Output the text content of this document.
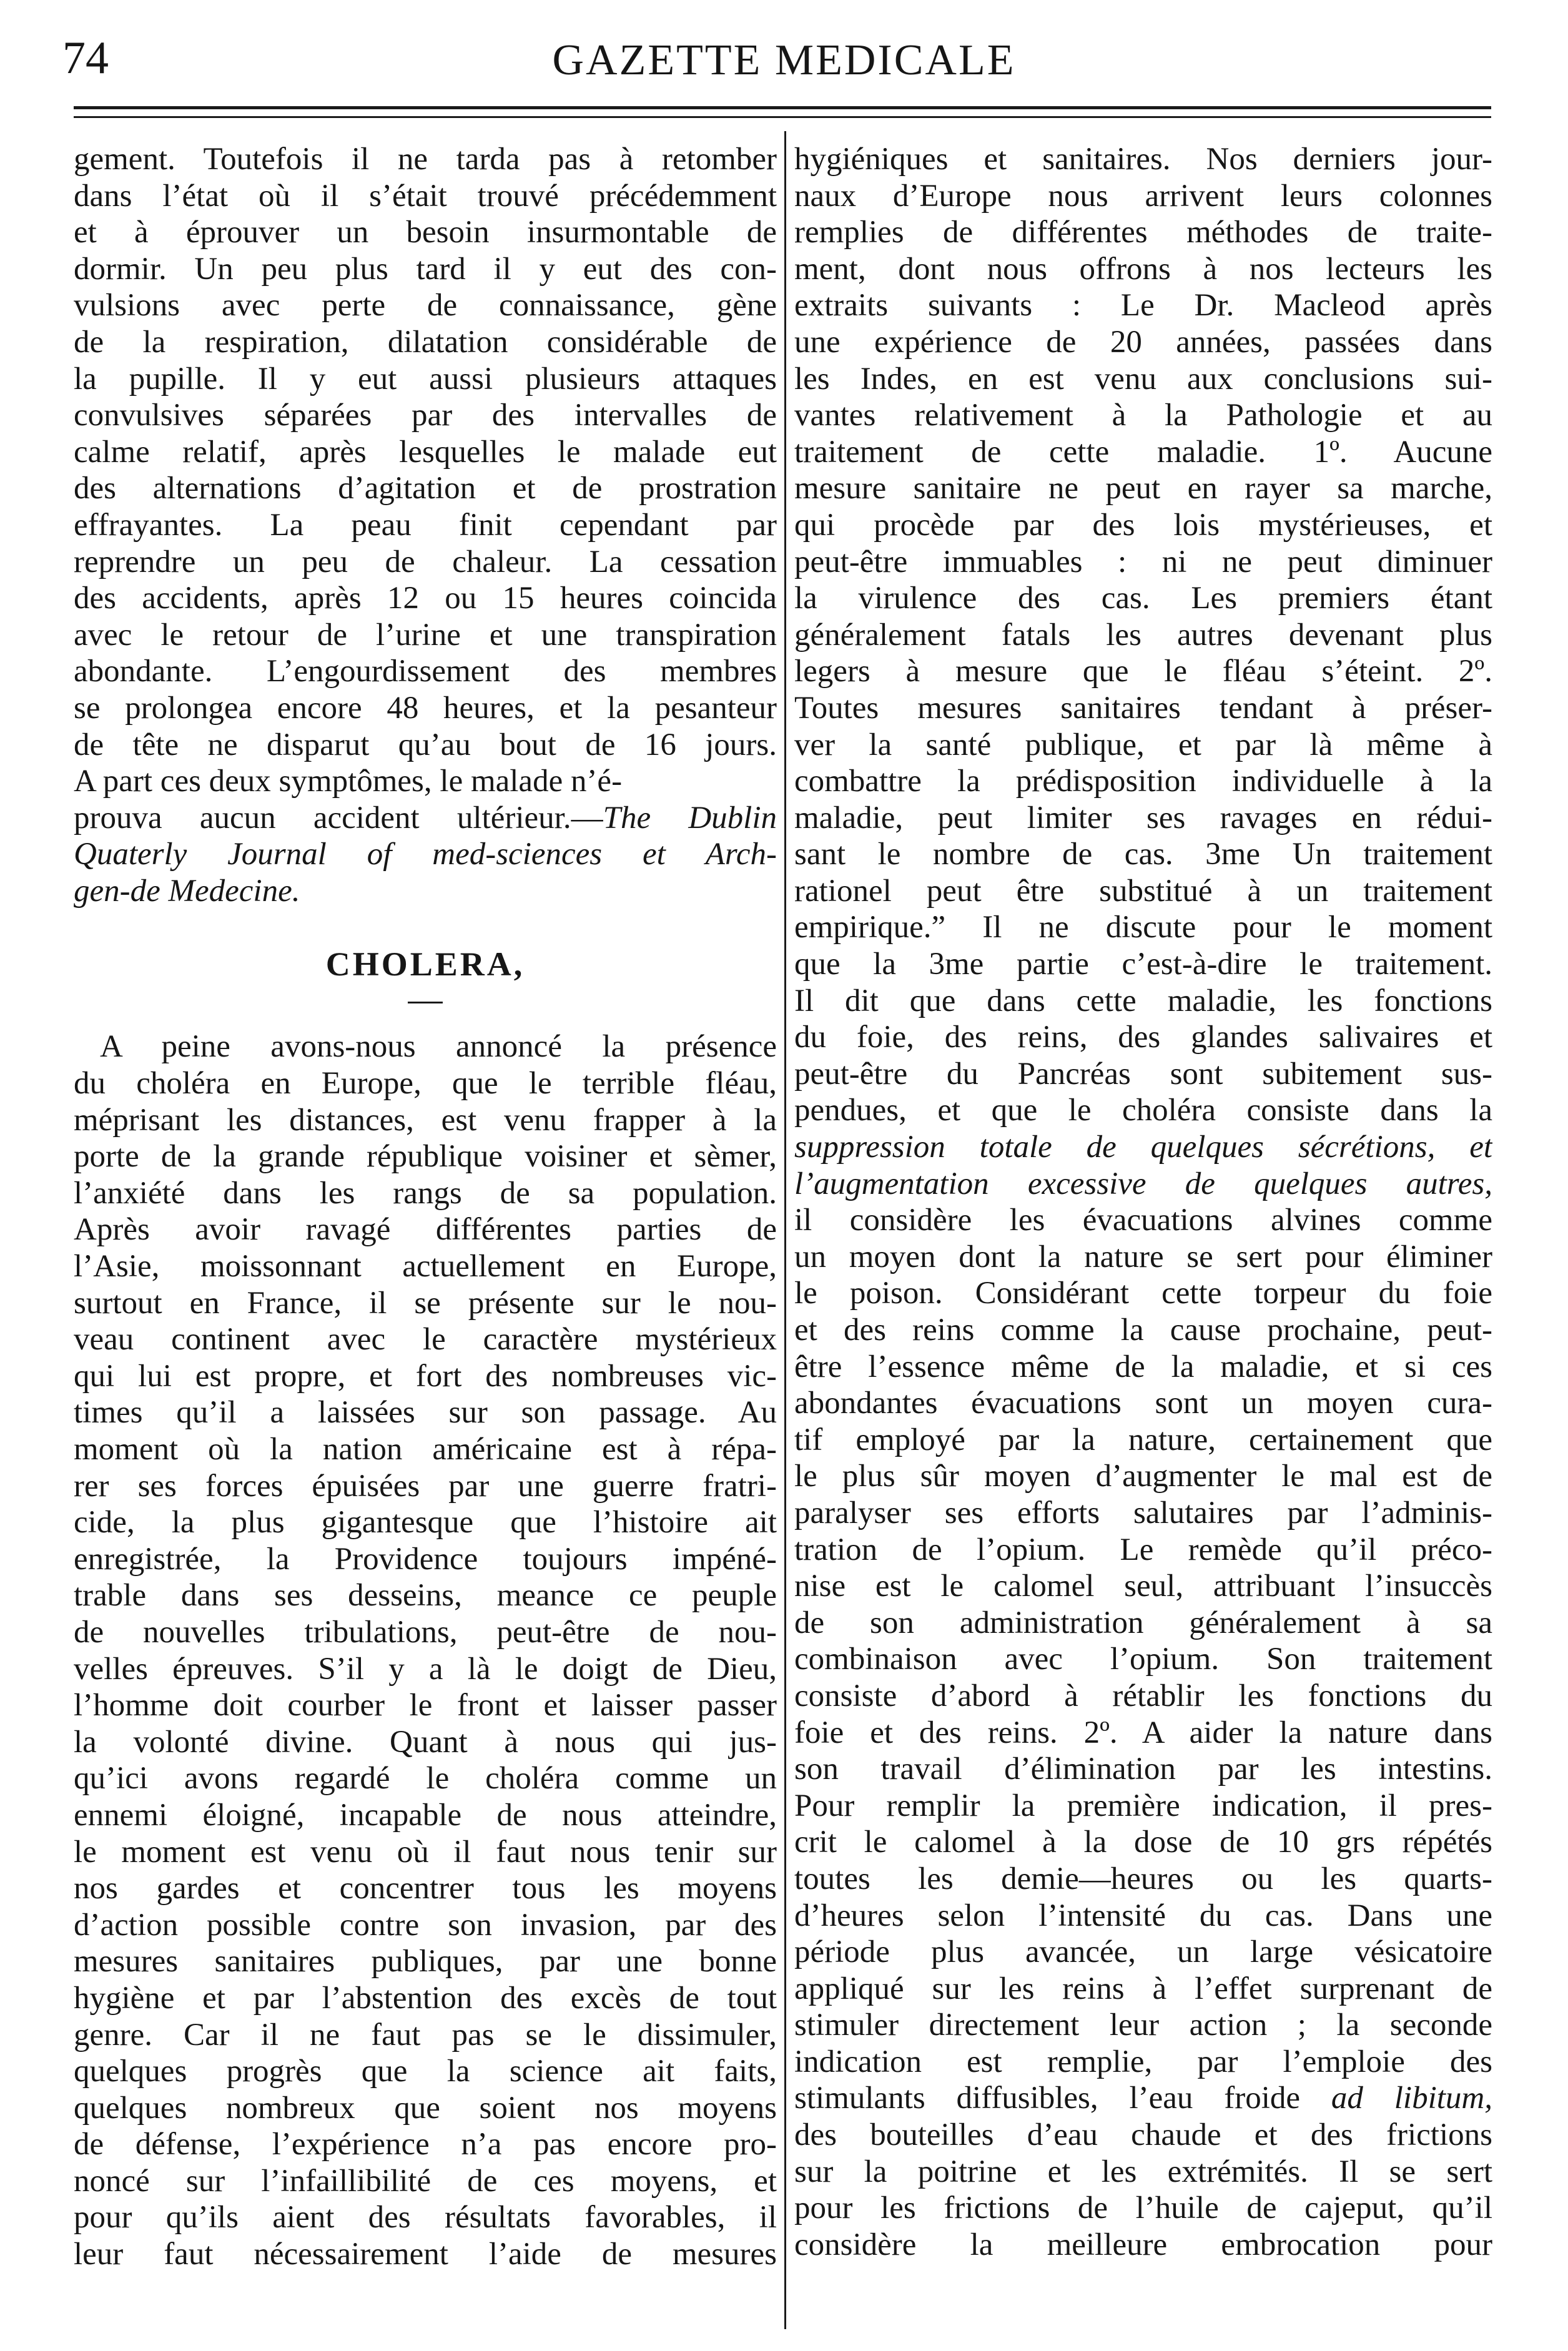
74	GAZETTE MEDICALE
gement. Toutefois il ne tarda pas à retomber
dans l’état où il s’était trouvé précédemment
et à éprouver un besoin insurmontable de
dormir. Un peu plus tard il y eut des con-
vulsions avec perte de connaissance, gène
de la respiration, dilatation considérable de
la pupille. Il y eut aussi plusieurs attaques
convulsives séparées par des intervalles de
calme relatif, après lesquelles le malade eut
des alternations d’agitation et de prostration
effrayantes. La peau finit cependant par
reprendre un peu de chaleur. La cessation
des accidents, après 12 ou 15 heures coincida
avec le retour de l’urine et une transpiration
abondante. L’engourdissement des membres
se prolongea encore 48 heures, et la pesanteur
de tête ne disparut qu’au bout de 16 jours.
A part ces deux symptômes, le malade n’é-
prouva aucun accident ultérieur.—The Dublin
Quaterly Journal of med-sciences et Arch-
gen-de Medecine.
CHOLERA,
A peine avons-nous annoncé la présence
du choléra en Europe, que le terrible fléau,
méprisant les distances, est venu frapper à la
porte de la grande république voisiner et sèmer,
l’anxiété dans les rangs de sa population.
Après avoir ravagé différentes parties de
l’Asie, moissonnant actuellement en Europe,
surtout en France, il se présente sur le nou-
veau continent avec le caractère mystérieux
qui lui est propre, et fort des nombreuses vic-
times qu’il a laissées sur son passage. Au
moment où la nation américaine est à répa-
rer ses forces épuisées par une guerre fratri-
cide, la plus gigantesque que l’histoire ait
enregistrée, la Providence toujours impéné-
trable dans ses desseins, meance ce peuple
de nouvelles tribulations, peut-être de nou-
velles épreuves. S’il y a là le doigt de Dieu,
l’homme doit courber le front et laisser passer
la volonté divine. Quant à nous qui jus-
qu’ici avons regardé le choléra comme un
ennemi éloigné, incapable de nous atteindre,
le moment est venu où il faut nous tenir sur
nos gardes et concentrer tous les moyens
d’action possible contre son invasion, par des
mesures sanitaires publiques, par une bonne
hygiène et par l’abstention des excès de tout
genre. Car il ne faut pas se le dissimuler,
quelques progrès que la science ait faits,
quelques nombreux que soient nos moyens
de défense, l’expérience n’a pas encore pro-
noncé sur l’infaillibilité de ces moyens, et
pour qu’ils aient des résultats favorables, il
leur faut nécessairement l’aide de mesures
hygiéniques et sanitaires. Nos derniers jour-
naux d’Europe nous arrivent leurs colonnes
remplies de différentes méthodes de traite-
ment, dont nous offrons à nos lecteurs les
extraits suivants : Le Dr. Macleod après
une expérience de 20 années, passées dans
les Indes, en est venu aux conclusions sui-
vantes relativement à la Pathologie et au
traitement de cette maladie. 1º. Aucune
mesure sanitaire ne peut en rayer sa marche,
qui procède par des lois mystérieuses, et
peut-être immuables : ni ne peut diminuer
la virulence des cas. Les premiers étant
généralement fatals les autres devenant plus
legers à mesure que le fléau s’éteint. 2º.
Toutes mesures sanitaires tendant à préser-
ver la santé publique, et par là même à
combattre la prédisposition individuelle à la
maladie, peut limiter ses ravages en rédui-
sant le nombre de cas. 3me Un traitement
rationel peut être substitué à un traitement
empirique.” Il ne discute pour le moment
que la 3me partie c’est-à-dire le traitement.
Il dit que dans cette maladie, les fonctions
du foie, des reins, des glandes salivaires et
peut-être du Pancréas sont subitement sus-
pendues, et que le choléra consiste dans la
suppression totale de quelques sécrétions, et
l’augmentation excessive de quelques autres,
il considère les évacuations alvines comme
un moyen dont la nature se sert pour éliminer
le poison. Considérant cette torpeur du foie
et des reins comme la cause prochaine, peut-
être l’essence même de la maladie, et si ces
abondantes évacuations sont un moyen cura-
tif employé par la nature, certainement que
le plus sûr moyen d’augmenter le mal est de
paralyser ses efforts salutaires par l’adminis-
tration de l’opium. Le remède qu’il préco-
nise est le calomel seul, attribuant l’insuccès
de son administration généralement à sa
combinaison avec l’opium. Son traitement
consiste d’abord à rétablir les fonctions du
foie et des reins. 2º. A aider la nature dans
son travail d’élimination par les intestins.
Pour remplir la première indication, il pres-
crit le calomel à la dose de 10 grs répétés
toutes les demie—heures ou les quarts-
d’heures selon l’intensité du cas. Dans une
période plus avancée, un large vésicatoire
appliqué sur les reins à l’effet surprenant de
stimuler directement leur action ; la seconde
indication est remplie, par l’emploie des
stimulants diffusibles, l’eau froide ad libitum,
des bouteilles d’eau chaude et des frictions
sur la poitrine et les extrémités. Il se sert
pour les frictions de l’huile de cajeput, qu’il
considère la meilleure embrocation pour
